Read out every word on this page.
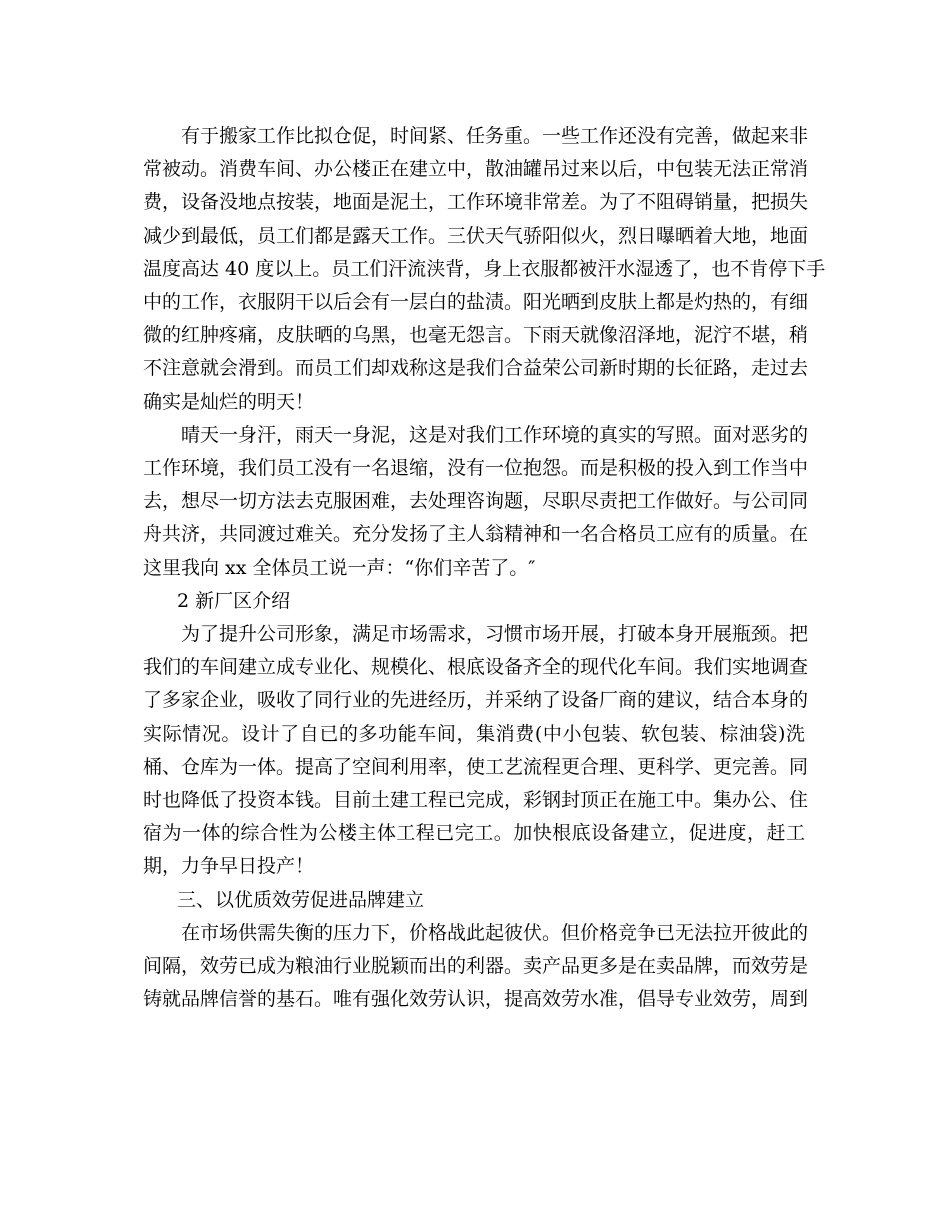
有于搬家工作比拟仓促，时间紧、任务重。一些工作还没有完善，做起来非
常被动。消费车间、办公楼正在建立中，散油罐吊过来以后，中包装无法正常消
费，设备没地点按装，地面是泥土，工作环境非常差。为了不阻碍销量，把损失
减少到最低，员工们都是露天工作。三伏天气骄阳似火，烈日曝晒着大地，地面
温度高达 40 度以上。员工们汗流浃背，身上衣服都被汗水湿透了，也不肯停下手
中的工作，衣服阴干以后会有一层白的盐渍。阳光晒到皮肤上都是灼热的，有细
微的红肿疼痛，皮肤晒的乌黑，也毫无怨言。下雨天就像沼泽地，泥泞不堪，稍
不注意就会滑到。而员工们却戏称这是我们合益荣公司新时期的长征路，走过去
确实是灿烂的明天！
晴天一身汗，雨天一身泥，这是对我们工作环境的真实的写照。面对恶劣的
工作环境，我们员工没有一名退缩，没有一位抱怨。而是积极的投入到工作当中
去，想尽一切方法去克服困难，去处理咨询题，尽职尽责把工作做好。与公司同
舟共济，共同渡过难关。充分发扬了主人翁精神和一名合格员工应有的质量。在
这里我向 xx 全体员工说一声：“你们辛苦了。″
2 新厂区介绍
为了提升公司形象，满足市场需求，习惯市场开展，打破本身开展瓶颈。把
我们的车间建立成专业化、规模化、根底设备齐全的现代化车间。我们实地调查
了多家企业，吸收了同行业的先进经历，并采纳了设备厂商的建议，结合本身的
实际情况。设计了自已的多功能车间，集消费(中小包装、软包装、棕油袋)洗
桶、仓库为一体。提高了空间利用率，使工艺流程更合理、更科学、更完善。同
时也降低了投资本钱。目前土建工程已完成，彩钢封顶正在施工中。集办公、住
宿为一体的综合性为公楼主体工程已完工。加快根底设备建立，促进度，赶工
期，力争早日投产！
三、以优质效劳促进品牌建立
在市场供需失衡的压力下，价格战此起彼伏。但价格竞争已无法拉开彼此的
间隔，效劳已成为粮油行业脱颖而出的利器。卖产品更多是在卖品牌，而效劳是
铸就品牌信誉的基石。唯有强化效劳认识，提高效劳水准，倡导专业效劳，周到
